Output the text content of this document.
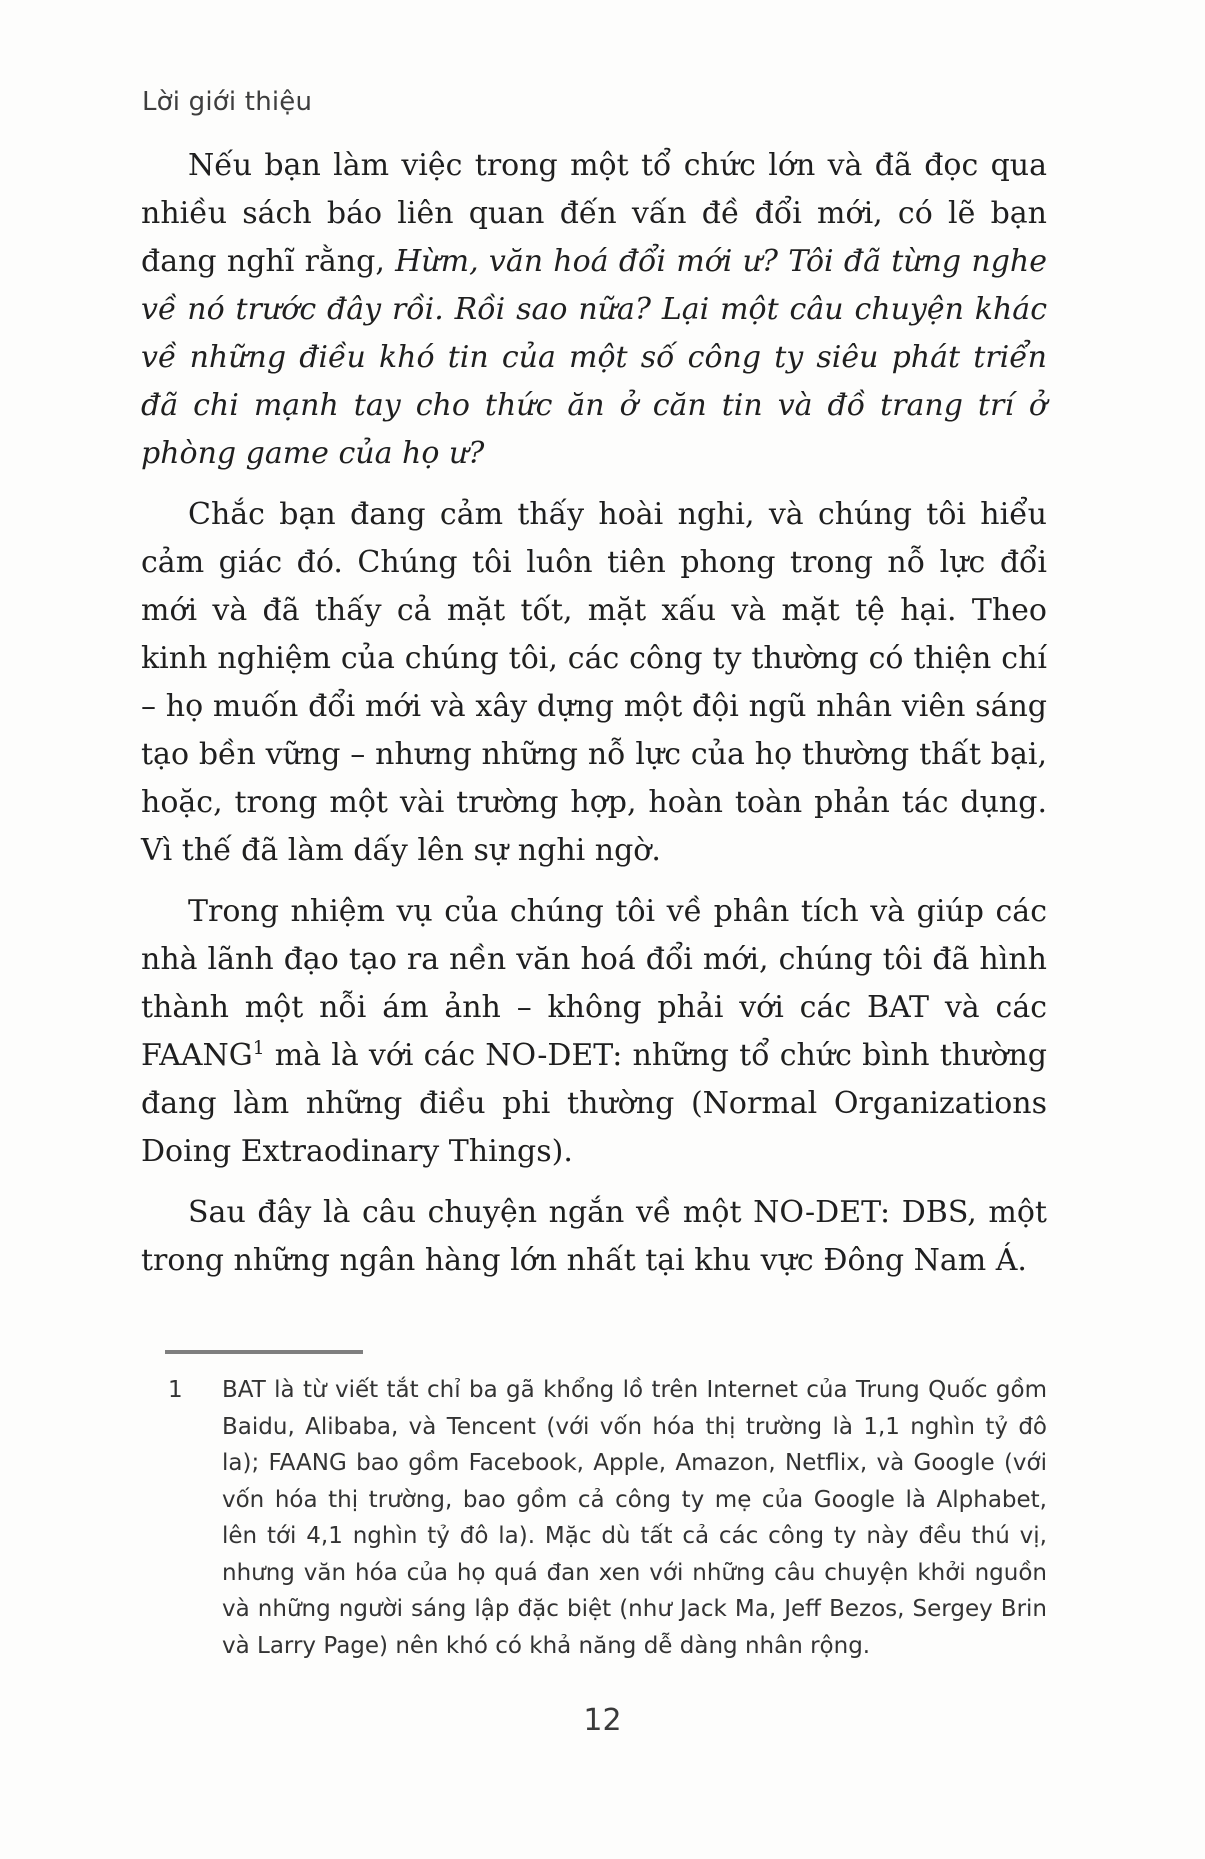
Lời giới thiệu

Nếu bạn làm việc trong một tổ chức lớn và đã đọc qua nhiều sách báo liên quan đến vấn đề đổi mới, có lẽ bạn đang nghĩ rằng, Hừm, văn hoá đổi mới ư? Tôi đã từng nghe về nó trước đây rồi. Rồi sao nữa? Lại một câu chuyện khác về những điều khó tin của một số công ty siêu phát triển đã chi mạnh tay cho thức ăn ở căn tin và đồ trang trí ở phòng game của họ ư?

Chắc bạn đang cảm thấy hoài nghi, và chúng tôi hiểu cảm giác đó. Chúng tôi luôn tiên phong trong nỗ lực đổi mới và đã thấy cả mặt tốt, mặt xấu và mặt tệ hại. Theo kinh nghiệm của chúng tôi, các công ty thường có thiện chí – họ muốn đổi mới và xây dựng một đội ngũ nhân viên sáng tạo bền vững – nhưng những nỗ lực của họ thường thất bại, hoặc, trong một vài trường hợp, hoàn toàn phản tác dụng. Vì thế đã làm dấy lên sự nghi ngờ.

Trong nhiệm vụ của chúng tôi về phân tích và giúp các nhà lãnh đạo tạo ra nền văn hoá đổi mới, chúng tôi đã hình thành một nỗi ám ảnh – không phải với các BAT và các FAANG$^1$ mà là với các NO-DET: những tổ chức bình thường đang làm những điều phi thường (Normal Organizations Doing Extraodinary Things).

Sau đây là câu chuyện ngắn về một NO-DET: DBS, một trong những ngân hàng lớn nhất tại khu vực Đông Nam Á.

1	BAT là từ viết tắt chỉ ba gã khổng lồ trên Internet của Trung Quốc gồm Baidu, Alibaba, và Tencent (với vốn hóa thị trường là 1,1 nghìn tỷ đô la); FAANG bao gồm Facebook, Apple, Amazon, Netflix, và Google (với vốn hóa thị trường, bao gồm cả công ty mẹ của Google là Alphabet, lên tới 4,1 nghìn tỷ đô la). Mặc dù tất cả các công ty này đều thú vị, nhưng văn hóa của họ quá đan xen với những câu chuyện khởi nguồn và những người sáng lập đặc biệt (như Jack Ma, Jeff Bezos, Sergey Brin và Larry Page) nên khó có khả năng dễ dàng nhân rộng.
12
